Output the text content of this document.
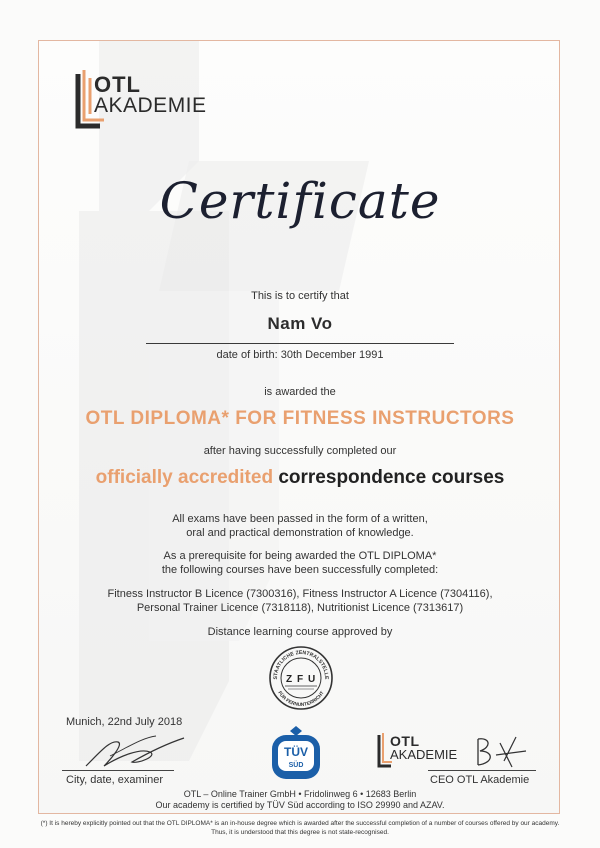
OTL
AKADEMIE
Certificate
This is to certify that
Nam Vo
date of birth: 30th December 1991
is awarded the
OTL DIPLOMA* FOR FITNESS INSTRUCTORS
after having successfully completed our
officially accredited correspondence courses
All exams have been passed in the form of a written,
oral and practical demonstration of knowledge.
As a prerequisite for being awarded the OTL DIPLOMA*
the following courses have been successfully completed:
Fitness Instructor B Licence (7300316), Fitness Instructor A Licence (7304116),
Personal Trainer Licence (7318118), Nutritionist Licence (7313617)
Distance learning course approved by
STAATLICHE ZENTRALSTELLE
FÜR FERNUNTERRICHT
Z F U
Munich, 22nd July 2018
City, date, examiner
TÜV
SÜD
OTL
AKADEMIE
CEO OTL Akademie
OTL – Online Trainer GmbH • Fridolinweg 6 • 12683 Berlin
Our academy is certified by TÜV Süd according to ISO 29990 and AZAV.
(*) It is hereby explicitly pointed out that the OTL DIPLOMA* is an in-house degree which is awarded after the successful completion of a number of courses offered by our academy.
Thus, it is understood that this degree is not state-recognised.
